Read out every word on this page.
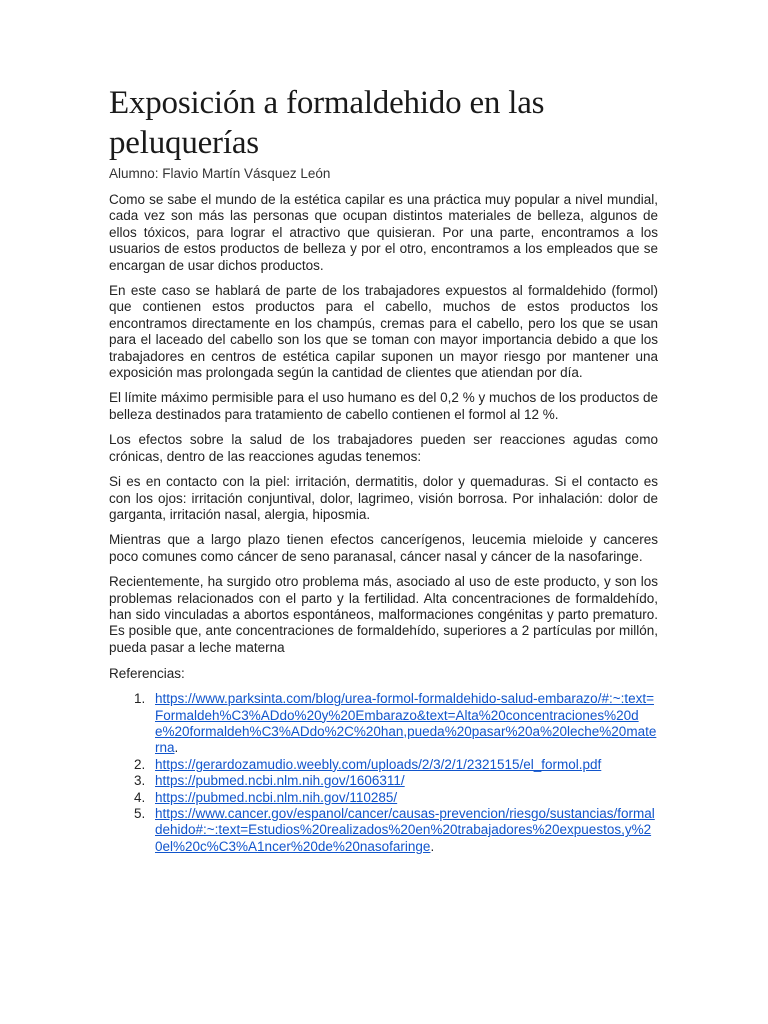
Exposición a formaldehido en las peluquerías
Alumno: Flavio Martín Vásquez León

Como se sabe el mundo de la estética capilar es una práctica muy popular a nivel mundial, cada vez son más las personas que ocupan distintos materiales de belleza, algunos de ellos tóxicos, para lograr el atractivo que quisieran. Por una parte, encontramos a los usuarios de estos productos de belleza y por el otro, encontramos a los empleados que se encargan de usar dichos productos.

En este caso se hablará de parte de los trabajadores expuestos al formaldehido (formol) que contienen estos productos para el cabello, muchos de estos productos los encontramos directamente en los champús, cremas para el cabello, pero los que se usan para el laceado del cabello son los que se toman con mayor importancia debido a que los trabajadores en centros de estética capilar suponen un mayor riesgo por mantener una exposición mas prolongada según la cantidad de clientes que atiendan por día.

El límite máximo permisible para el uso humano es del 0,2 % y muchos de los productos de belleza destinados para tratamiento de cabello contienen el formol al 12 %.

Los efectos sobre la salud de los trabajadores pueden ser reacciones agudas como crónicas, dentro de las reacciones agudas tenemos:

Si es en contacto con la piel: irritación, dermatitis, dolor y quemaduras. Si el contacto es con los ojos: irritación conjuntival, dolor, lagrimeo, visión borrosa. Por inhalación: dolor de garganta, irritación nasal, alergia, hiposmia.

Mientras que a largo plazo tienen efectos cancerígenos, leucemia mieloide y canceres poco comunes como cáncer de seno paranasal, cáncer nasal y cáncer de la nasofaringe.

Recientemente, ha surgido otro problema más, asociado al uso de este producto, y son los problemas relacionados con el parto y la fertilidad. Alta concentraciones de formaldehído, han sido vinculadas a abortos espontáneos, malformaciones congénitas y parto prematuro. Es posible que, ante concentraciones de formaldehído, superiores a 2 partículas por millón, pueda pasar a leche materna

Referencias:
1. https://www.parksinta.com/blog/urea-formol-formaldehido-salud-embarazo/#:~:text=Formaldeh%C3%ADdo%20y%20Embarazo&text=Alta%20concentraciones%20de%20formaldeh%C3%ADdo%2C%20han,pueda%20pasar%20a%20leche%20materna.
2. https://gerardozamudio.weebly.com/uploads/2/3/2/1/2321515/el_formol.pdf
3. https://pubmed.ncbi.nlm.nih.gov/1606311/
4. https://pubmed.ncbi.nlm.nih.gov/110285/
5. https://www.cancer.gov/espanol/cancer/causas-prevencion/riesgo/sustancias/formaldehido#:~:text=Estudios%20realizados%20en%20trabajadores%20expuestos,y%20el%20c%C3%A1ncer%20de%20nasofaringe.
